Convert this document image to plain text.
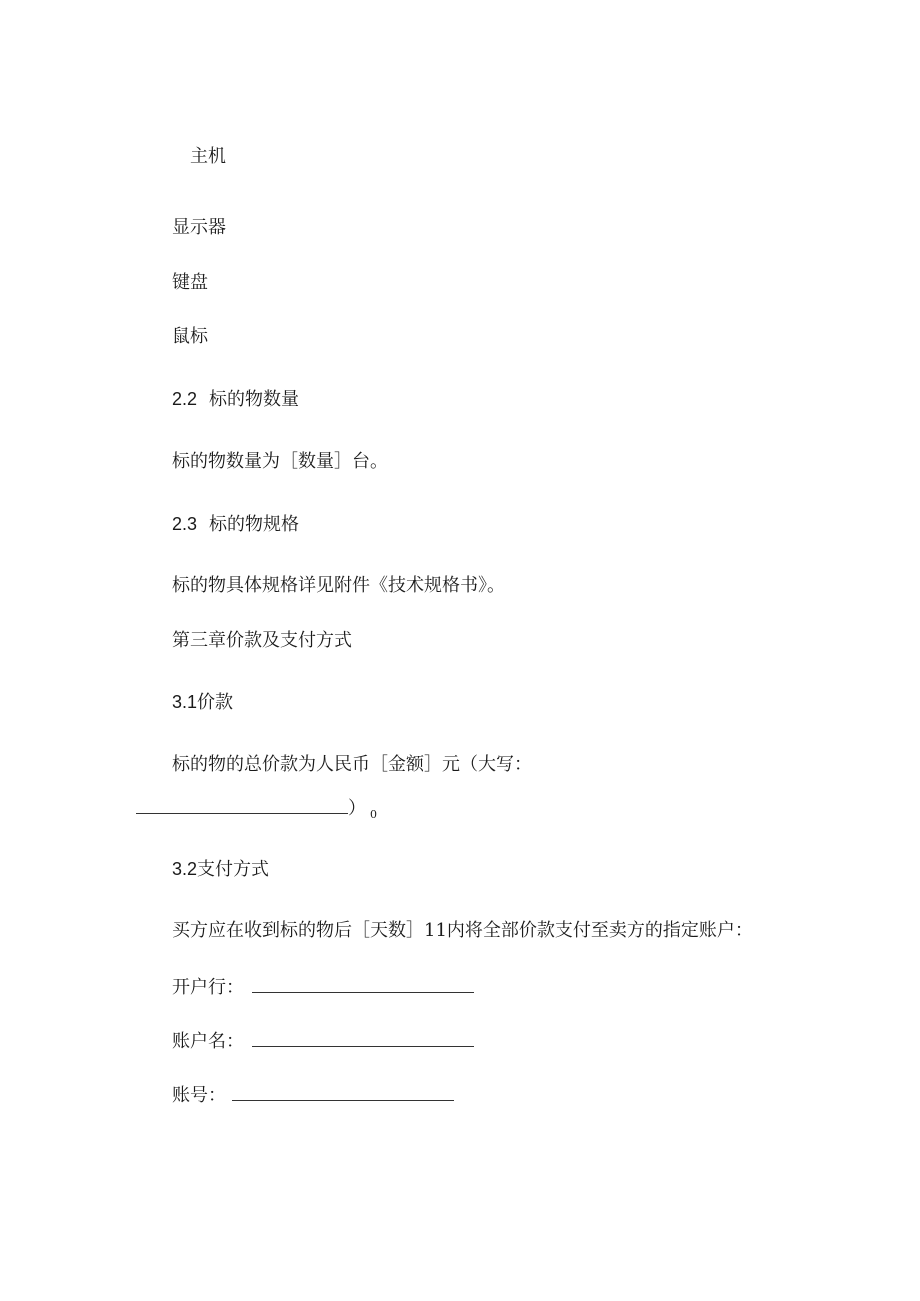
主机
显示器
键盘
鼠标
2.2 标的物数量
标的物数量为［数量］台。
2.3 标的物规格
标的物具体规格详见附件《技术规格书》。
第三章价款及支付方式
3.1价款
标的物的总价款为人民币［金额］元（大写：
） $_0$
3.2支付方式
买方应在收到标的物后［天数］11内将全部价款支付至卖方的指定账户：
开户行：
账户名：
账号：
